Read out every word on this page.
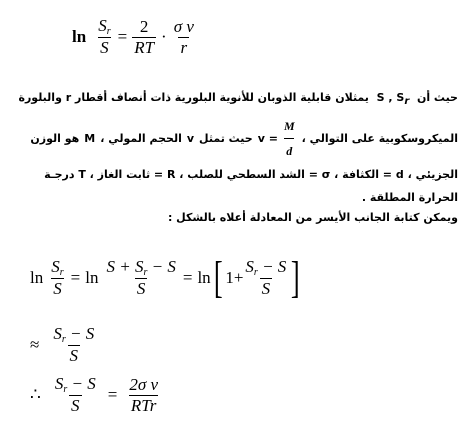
$\ln \frac{S_r}{S} = \frac{2}{RT} \cdot \frac{\text{σ v}}{r}$
حيث أن  S , Sr  يمثلان قابلية الذوبان للأنوية البلورية ذات أنصاف أقطار r والبلورة
الميكروسكوبية على التوالي ،
$v = \frac{M}{d}$
حيث تمثل
v
الحجم المولي ،
M
هو الوزن
الجزيئي ، d = الكثافة ، σ = الشد السطحي للصلب ، R = ثابت الغاز ، T درجـة
الحرارة المطلقة .
ويمكن كتابة الجانب الأيسر من المعادلة أعلاه بالشكل :
$\ln \frac{S_r}{S} = \ln \frac{S + S_r - S}{S} = \ln$ [ $1+ \frac{S_r - S}{S}$ ]
≈ $\frac{S_r - S}{S}$
∴ $\frac{S_r - S}{S} = \frac{\text{2σ v}}{\text{RTr}}$
